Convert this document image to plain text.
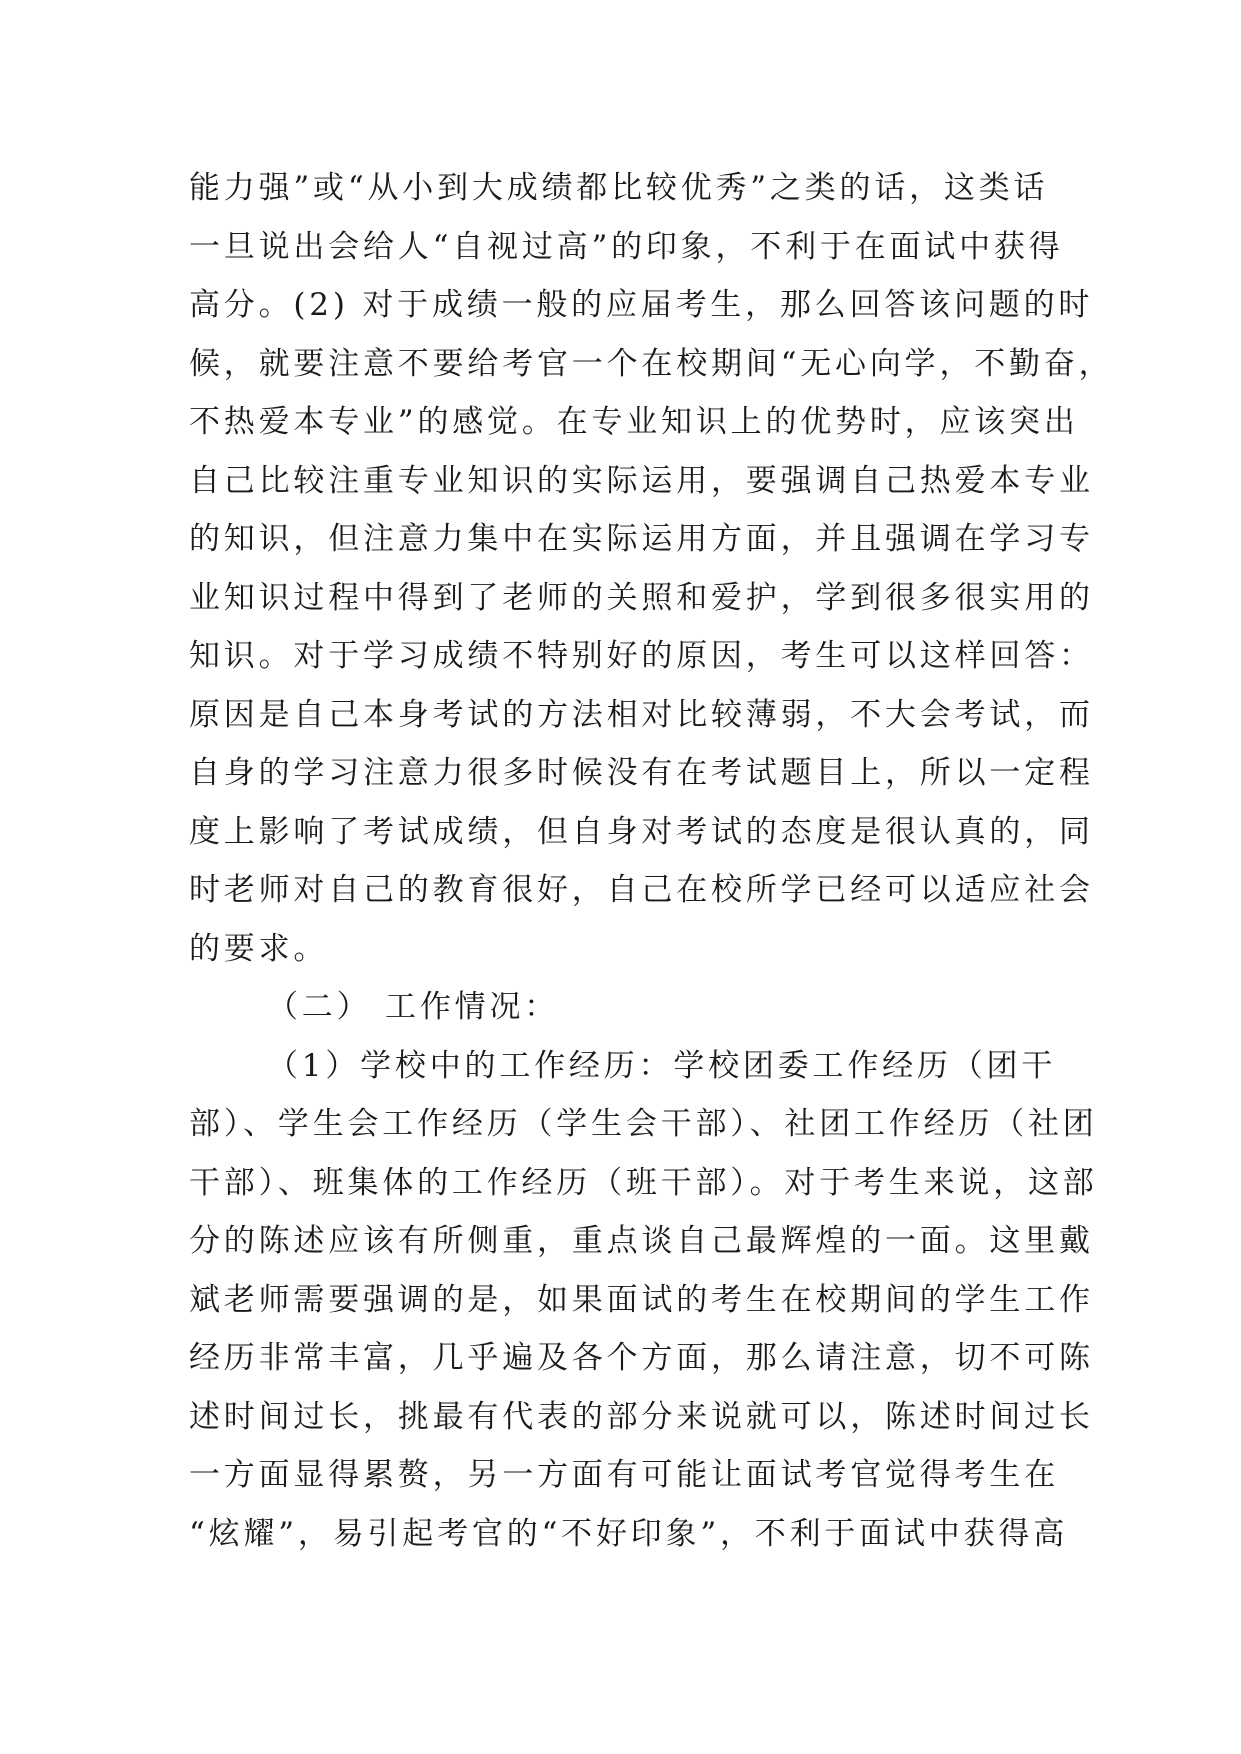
能力强”或“从小到大成绩都比较优秀”之类的话，这类话
一旦说出会给人“自视过高”的印象，不利于在面试中获得
高分。(2) 对于成绩一般的应届考生，那么回答该问题的时
候，就要注意不要给考官一个在校期间“无心向学，不勤奋，
不热爱本专业”的感觉。在专业知识上的优势时，应该突出
自己比较注重专业知识的实际运用，要强调自己热爱本专业
的知识，但注意力集中在实际运用方面，并且强调在学习专
业知识过程中得到了老师的关照和爱护，学到很多很实用的
知识。对于学习成绩不特别好的原因，考生可以这样回答：
原因是自己本身考试的方法相对比较薄弱，不大会考试，而
自身的学习注意力很多时候没有在考试题目上，所以一定程
度上影响了考试成绩，但自身对考试的态度是很认真的，同
时老师对自己的教育很好，自己在校所学已经可以适应社会
的要求。
（二） 工作情况：
（1）学校中的工作经历：学校团委工作经历（团干
部）、学生会工作经历（学生会干部）、社团工作经历（社团
干部）、班集体的工作经历（班干部）。对于考生来说，这部
分的陈述应该有所侧重，重点谈自己最辉煌的一面。这里戴
斌老师需要强调的是，如果面试的考生在校期间的学生工作
经历非常丰富，几乎遍及各个方面，那么请注意，切不可陈
述时间过长，挑最有代表的部分来说就可以，陈述时间过长
一方面显得累赘，另一方面有可能让面试考官觉得考生在
“炫耀”，易引起考官的“不好印象”，不利于面试中获得高
